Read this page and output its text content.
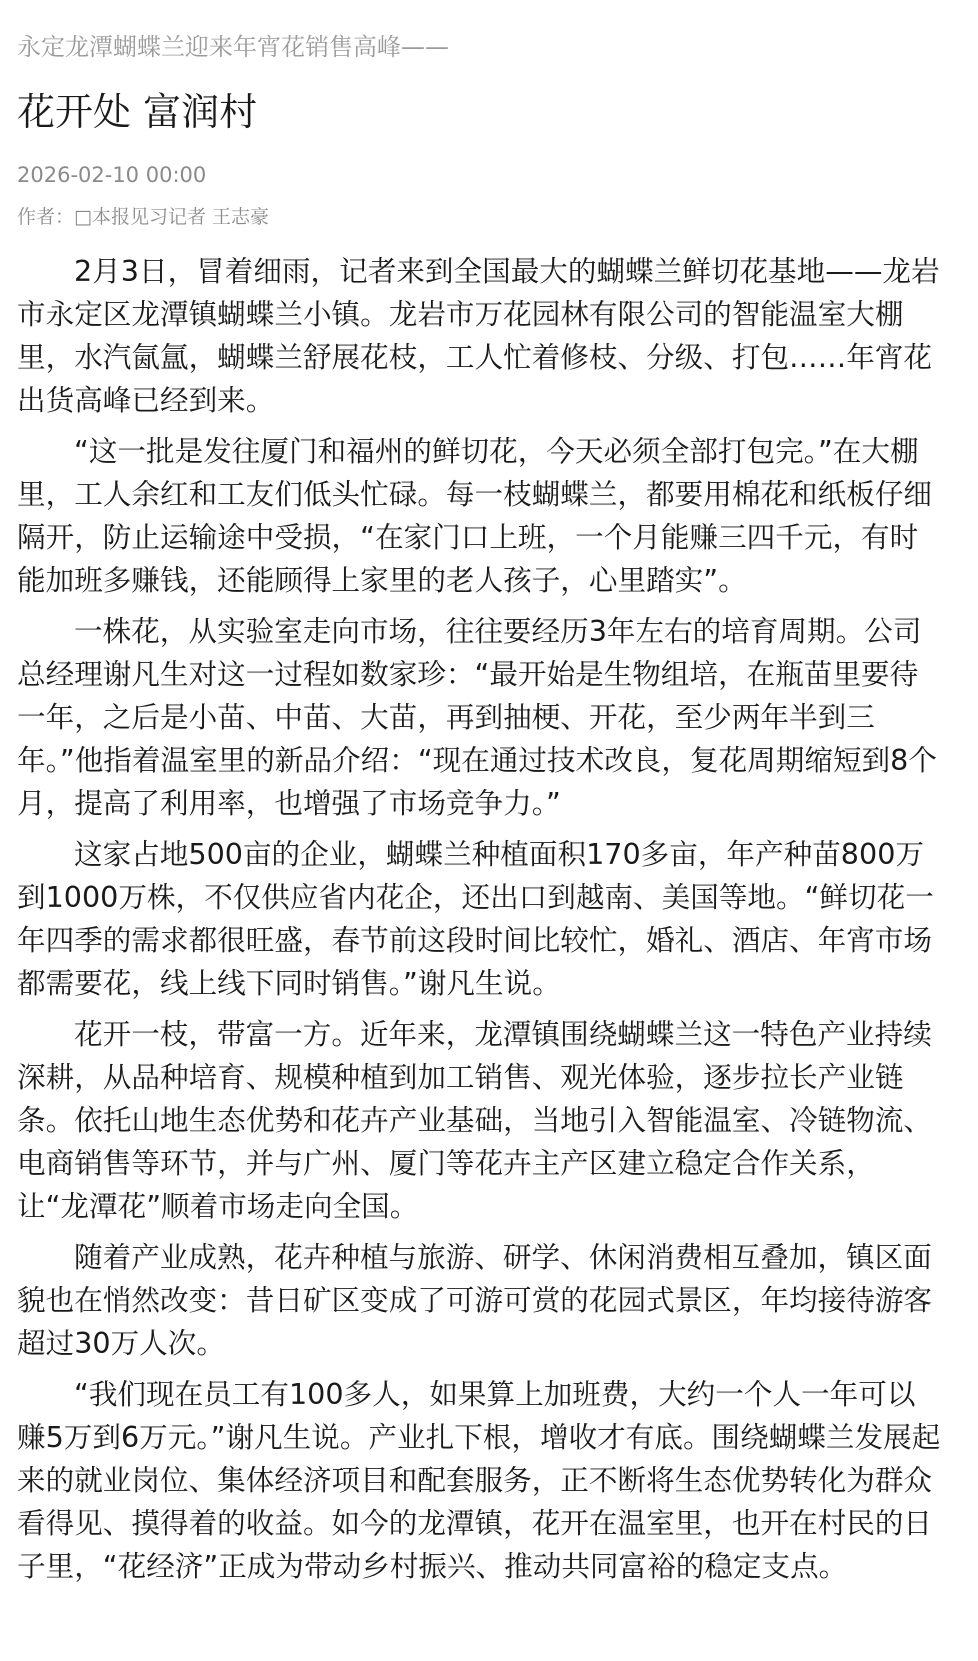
永定龙潭蝴蝶兰迎来年宵花销售高峰——
花开处 富润村
2026-02-10 00:00
作者：□本报见习记者 王志豪

2月3日，冒着细雨，记者来到全国最大的蝴蝶兰鲜切花基地——龙岩市永定区龙潭镇蝴蝶兰小镇。龙岩市万花园林有限公司的智能温室大棚里，水汽氤氲，蝴蝶兰舒展花枝，工人忙着修枝、分级、打包……年宵花出货高峰已经到来。

“这一批是发往厦门和福州的鲜切花，今天必须全部打包完。”在大棚里，工人余红和工友们低头忙碌。每一枝蝴蝶兰，都要用棉花和纸板仔细隔开，防止运输途中受损，“在家门口上班，一个月能赚三四千元，有时能加班多赚钱，还能顾得上家里的老人孩子，心里踏实”。

一株花，从实验室走向市场，往往要经历3年左右的培育周期。公司总经理谢凡生对这一过程如数家珍：“最开始是生物组培，在瓶苗里要待一年，之后是小苗、中苗、大苗，再到抽梗、开花，至少两年半到三年。”他指着温室里的新品介绍：“现在通过技术改良，复花周期缩短到8个月，提高了利用率，也增强了市场竞争力。”

这家占地500亩的企业，蝴蝶兰种植面积170多亩，年产种苗800万到1000万株，不仅供应省内花企，还出口到越南、美国等地。“鲜切花一年四季的需求都很旺盛，春节前这段时间比较忙，婚礼、酒店、年宵市场都需要花，线上线下同时销售。”谢凡生说。

花开一枝，带富一方。近年来，龙潭镇围绕蝴蝶兰这一特色产业持续深耕，从品种培育、规模种植到加工销售、观光体验，逐步拉长产业链条。依托山地生态优势和花卉产业基础，当地引入智能温室、冷链物流、电商销售等环节，并与广州、厦门等花卉主产区建立稳定合作关系，让“龙潭花”顺着市场走向全国。

随着产业成熟，花卉种植与旅游、研学、休闲消费相互叠加，镇区面貌也在悄然改变：昔日矿区变成了可游可赏的花园式景区，年均接待游客超过30万人次。

“我们现在员工有100多人，如果算上加班费，大约一个人一年可以赚5万到6万元。”谢凡生说。产业扎下根，增收才有底。围绕蝴蝶兰发展起来的就业岗位、集体经济项目和配套服务，正不断将生态优势转化为群众看得见、摸得着的收益。如今的龙潭镇，花开在温室里，也开在村民的日子里，“花经济”正成为带动乡村振兴、推动共同富裕的稳定支点。
